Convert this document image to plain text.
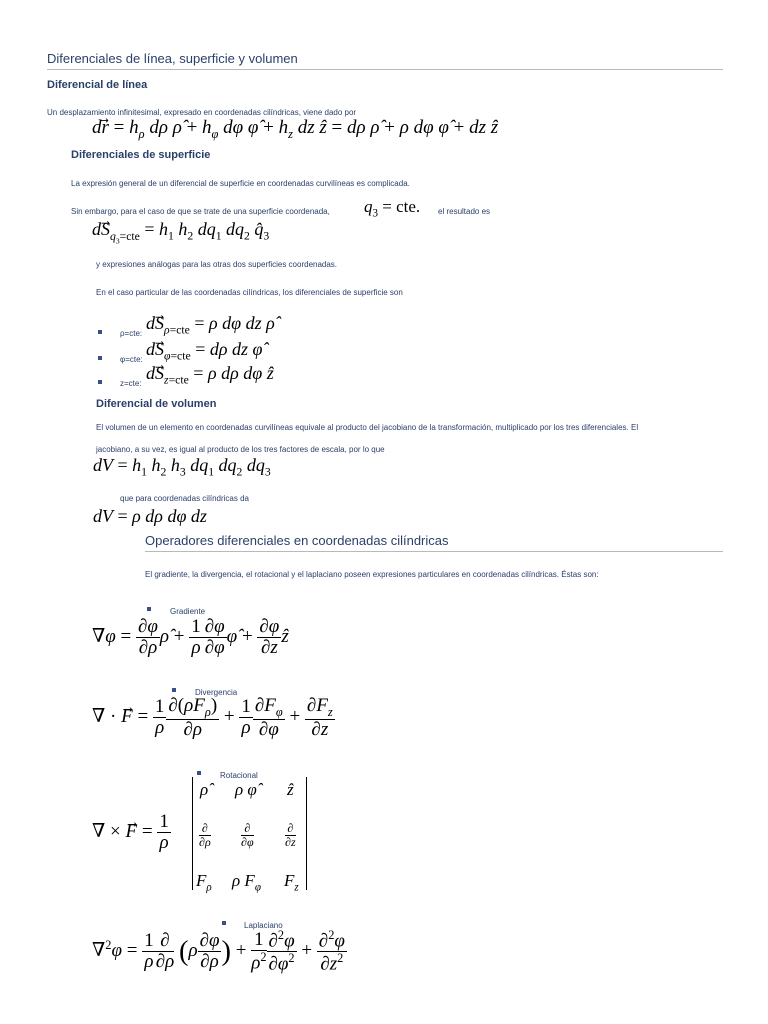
Diferenciales de línea, superficie y volumen
Diferencial de línea
Un desplazamiento infinitesimal, expresado en coordenadas cilíndricas, viene dado por
dr⃗ = $h_\rho$ dρ ρ̂ + $h_\varphi$ dφ φ̂ + $h_z$ dz ẑ = dρ ρ̂ + ρ dφ φ̂ + dz ẑ
Diferenciales de superficie
La expresión general de un diferencial de superficie en coordenadas curvilíneas es complicada.
Sin embargo, para el caso de que se trate de una superficie coordenada, $q_3$ = cte. el resultado es
$dS_{q_3=cte} = h_1$ $h_2$ $dq_1$ $dq_2$ $q̂_3$
y expresiones análogas para las otras dos superficies coordenadas.
En el caso particular de las coordenadas cilíndricas, los diferenciales de superficie son
ρ=cte:
$dS_{\rho=cte} = \rho$ dφ dz ρ̂
φ=cte:
$dS_{\varphi=cte} = d\rho$ dz φ̂
z=cte:
$dS_{z=cte} = \rho$ dρ dφ ẑ
Diferencial de volumen
El volumen de un elemento en coordenadas curvilíneas equivale al producto del jacobiano de la transformación, multiplicado por los tres diferenciales. El
jacobiano, a su vez, es igual al producto de los tres factores de escala, por lo que
dV = $h_1$ $h_2$ $h_3$ $dq_1$ $dq_2$ $dq_3$
que para coordenadas cilíndricas da
dV = ρ dρ dφ dz
Operadores diferenciales en coordenadas cilíndricas
El gradiente, la divergencia, el rotacional y el laplaciano poseen expresiones particulares en coordenadas cilíndricas. Éstas son:
Gradiente
$\nabla\varphi = \frac{\partial\varphi}{\partial\rho}$ ρ̂ + $\frac{1}{\rho} \frac{\partial\varphi}{\partial\varphi}$ φ̂ + $\frac{\partial\varphi}{\partial z}$ ẑ
Divergencia
∇ · F⃗ = $\frac{1}{\rho} \frac{\partial(\rho F_\rho)}{\partial\rho} + \frac{1}{\rho} \frac{\partial F_\varphi}{\partial\varphi} + \frac{\partial F_z}{\partial z}$
Rotacional
∇ × F⃗ = $\frac{1}{\rho}$
ρ̂ ρ φ̂ ẑ
$\frac{\partial}{\partial\rho}$	$\frac{\partial}{\partial\varphi}$	$\frac{\partial}{\partial z}$
$F_\rho$ ρ $F_\varphi$ $F_z$
Laplaciano
$\nabla^2\varphi = \frac{1}{\rho} \frac{\partial}{\partial\rho} (\rho \frac{\partial\varphi}{\partial\rho}$ ) + $\frac{1}{\rho^2} \frac{\partial^2\varphi}{\partial\varphi^2} + \frac{\partial^2\varphi}{\partial z^2}$
